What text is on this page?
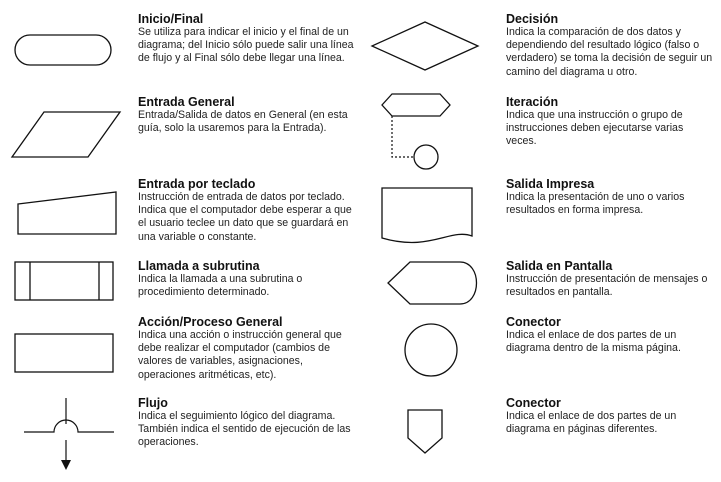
Inicio/Final
Se utiliza para indicar el inicio y el final de un diagrama; del Inicio sólo puede salir una línea de flujo y al Final sólo debe llegar una línea.
Entrada General
Entrada/Salida de datos en General (en esta guía, solo la usaremos para la Entrada).
Entrada por teclado
Instrucción de entrada de datos por teclado. Indica que el computador debe esperar a que el usuario teclee un dato que se guardará en una variable o constante.
Llamada a subrutina
Indica la llamada a una subrutina o procedimiento determinado.
Acción/Proceso General
Indica una acción o instrucción general que debe realizar el computador (cambios de valores de variables, asignaciones, operaciones aritméticas, etc).
Flujo
Indica el seguimiento lógico del diagrama. También indica el sentido de ejecución de las operaciones.
Decisión
Indica la comparación de dos datos y dependiendo del resultado lógico (falso o verdadero) se toma la decisión de seguir un camino del diagrama u otro.
Iteración
Indica que una instrucción o grupo de instrucciones deben ejecutarse varias veces.
Salida Impresa
Indica la presentación de uno o varios resultados en forma impresa.
Salida en Pantalla
Instrucción de presentación de mensajes o resultados en pantalla.
Conector
Indica el enlace de dos partes de un diagrama dentro de la misma página.
Conector
Indica el enlace de dos partes de un diagrama en páginas diferentes.
